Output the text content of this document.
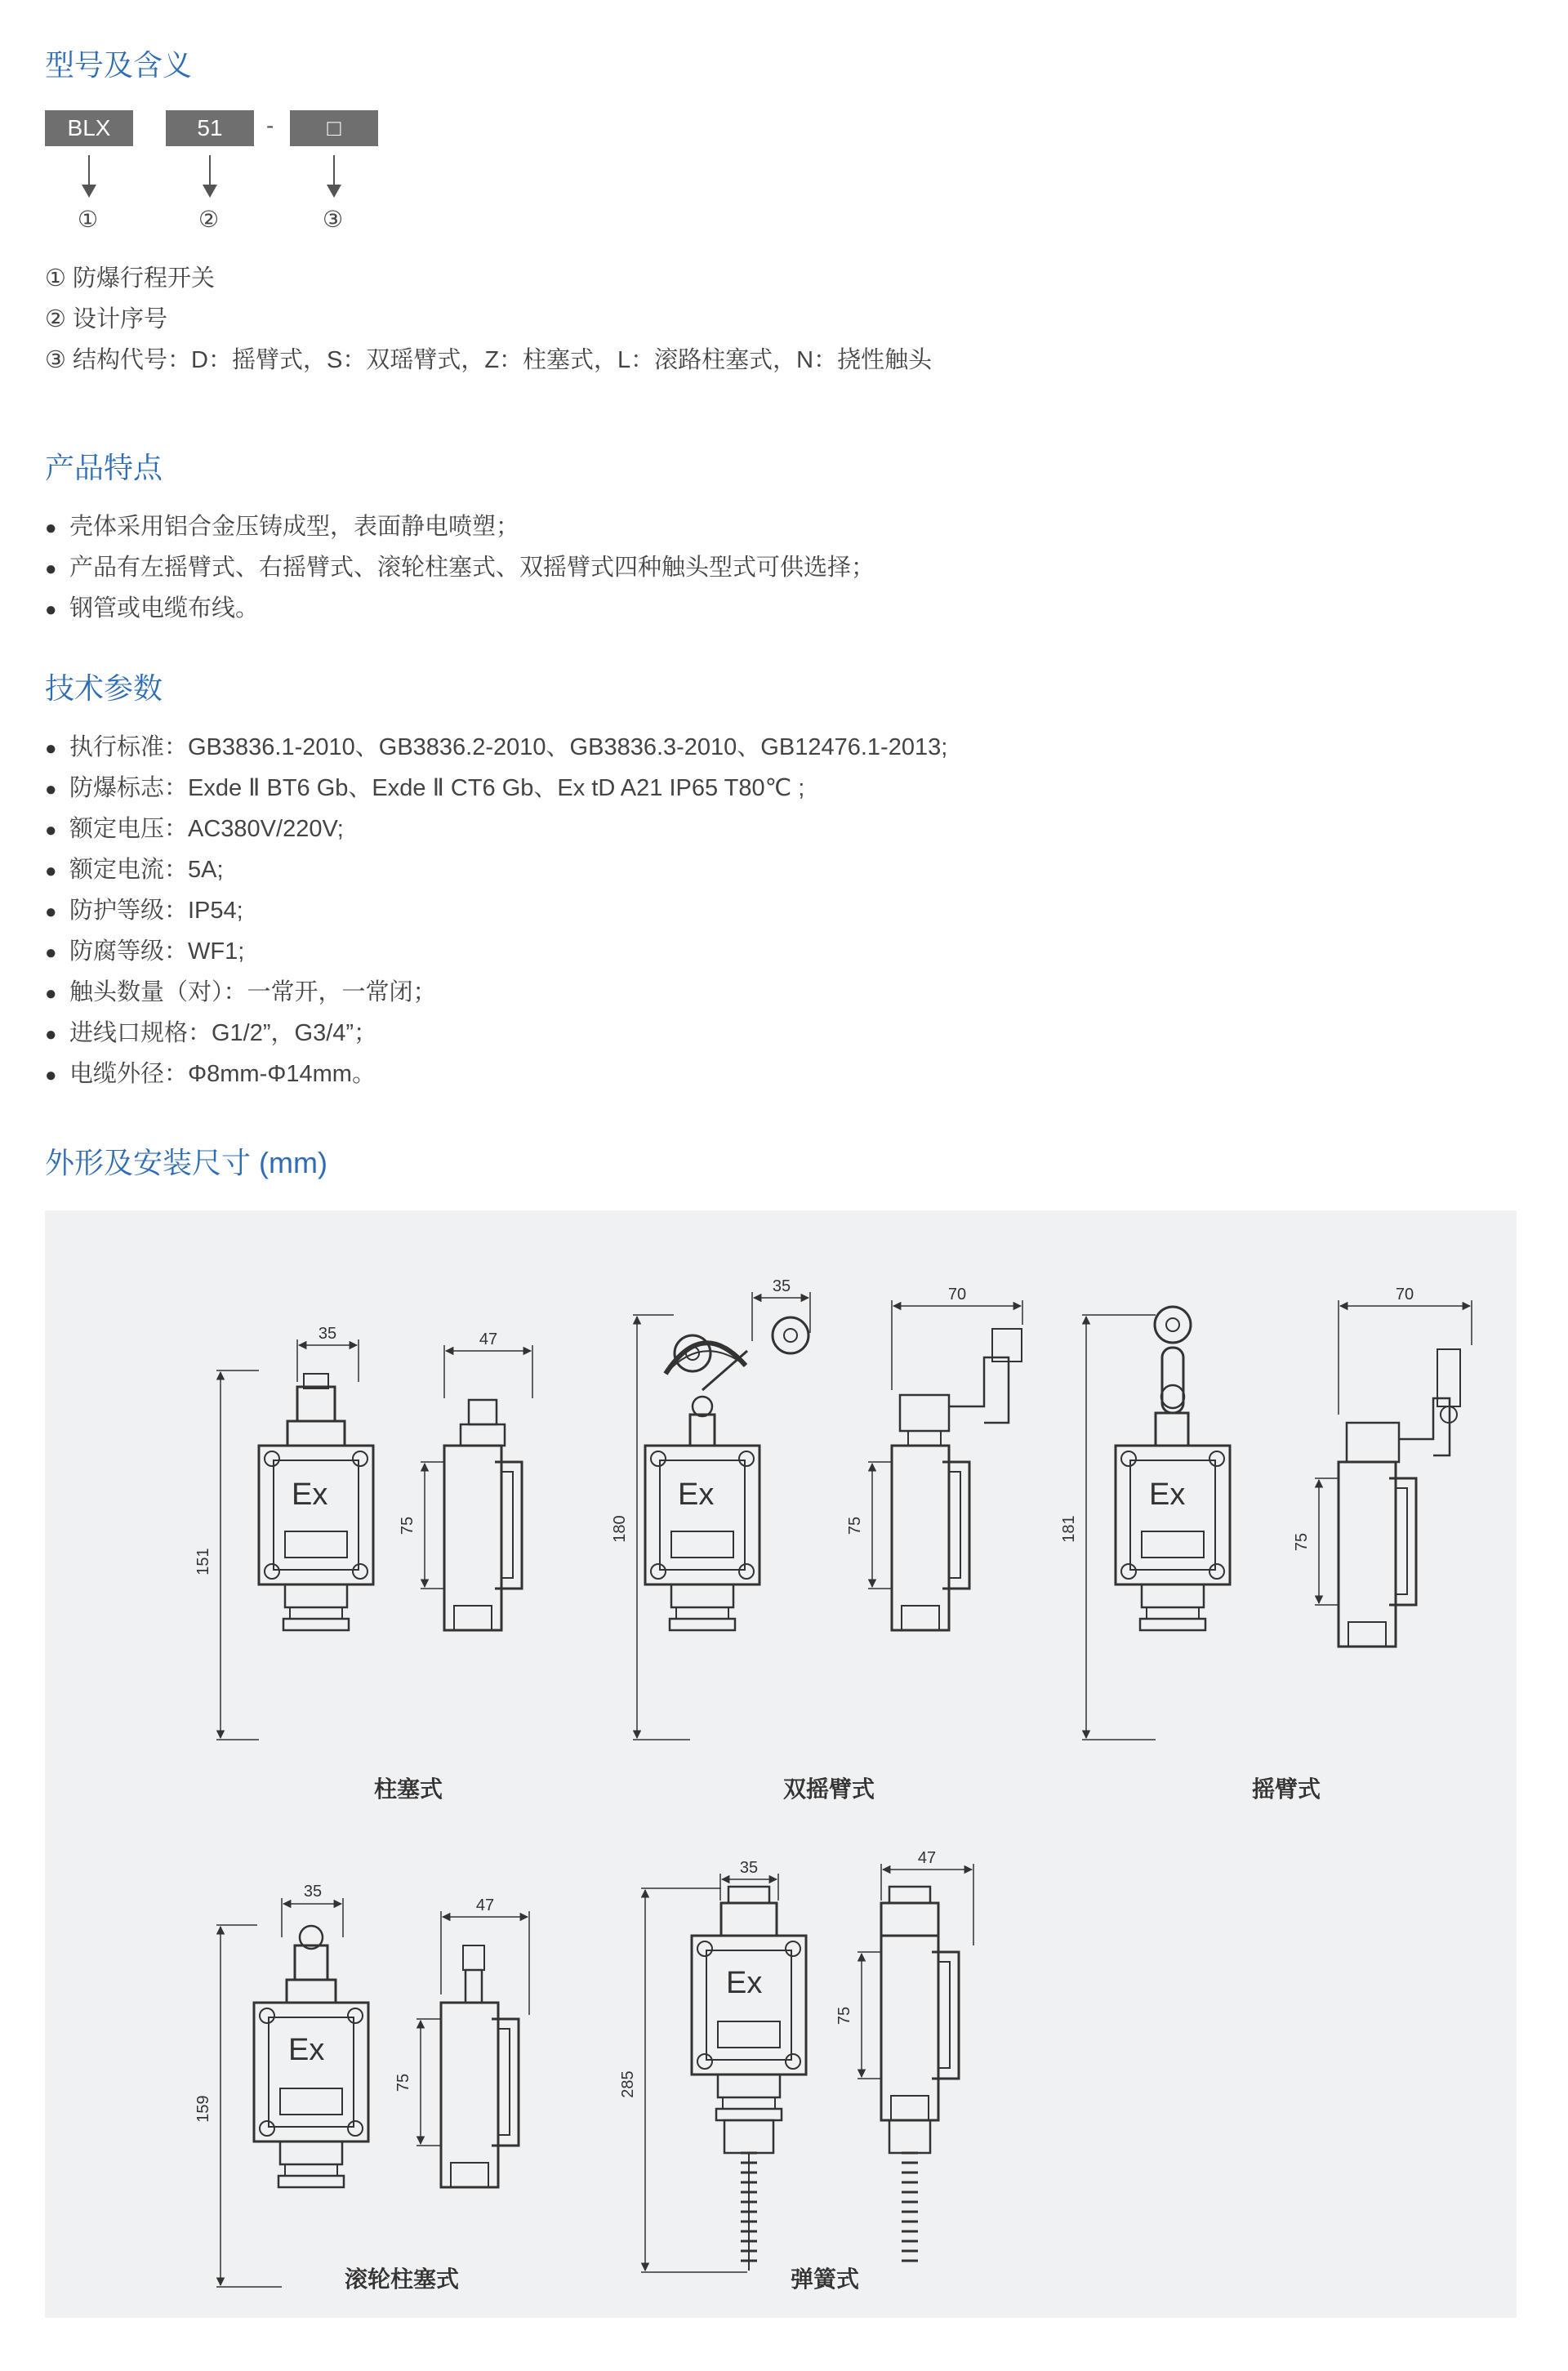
型号及含义
BLX	51	-	□
①	②	③
① 防爆行程开关
② 设计序号
③ 结构代号：D：摇臂式，S：双瑶臂式，Z：柱塞式，L：滚路柱塞式，N：挠性触头
产品特点
● 壳体采用铝合金压铸成型，表面静电喷塑；
● 产品有左摇臂式、右摇臂式、滚轮柱塞式、双摇臂式四种触头型式可供选择；
● 钢管或电缆布线。
技术参数
● 执行标准：GB3836.1-2010、GB3836.2-2010、GB3836.3-2010、GB12476.1-2013;
● 防爆标志：Exde Ⅱ BT6 Gb、Exde Ⅱ CT6 Gb、Ex tD A21 IP65 T80℃ ;
● 额定电压：AC380V/220V;
● 额定电流：5A;
● 防护等级：IP54;
● 防腐等级：WF1;
● 触头数量（对）：一常开，一常闭；
● 进线口规格：G1/2”，G3/4”；
● 电缆外径：Φ8mm-Φ14mm。
外形及安装尺寸 (mm)
Ex
35
151
47
75
柱塞式
Ex
35
180
70
75
双摇臂式
Ex
181
70
75
摇臂式
Ex
35
159
47
75
滚轮柱塞式
Ex
35
285
47
75
弹簧式
